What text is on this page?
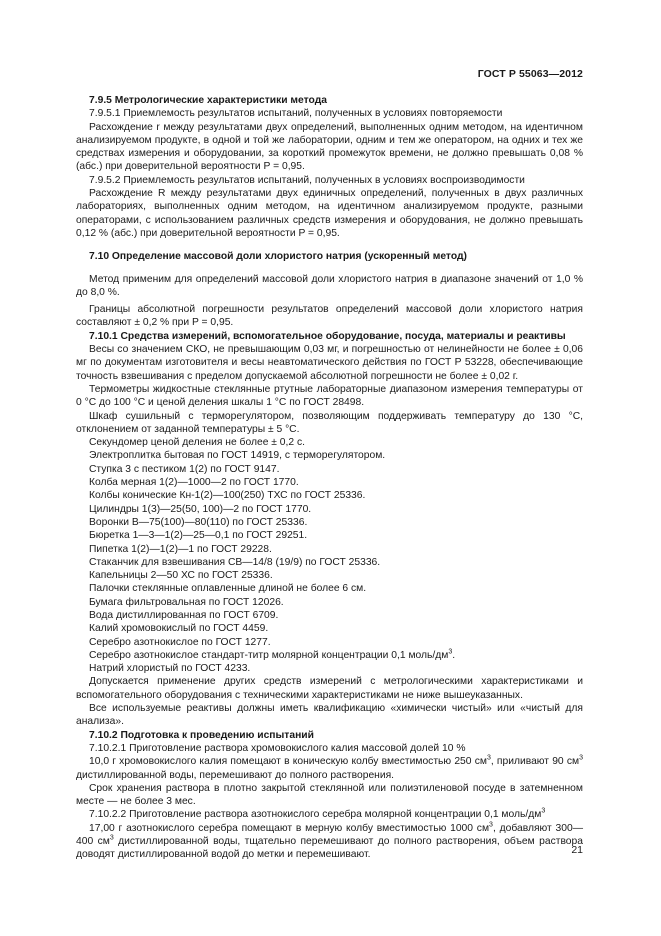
ГОСТ Р 55063—2012

7.9.5 Метрологические характеристики метода

7.9.5.1 Приемлемость результатов испытаний, полученных в условиях повторяемости

Расхождение r между результатами двух определений, выполненных одним методом, на идентичном анализируемом продукте, в одной и той же лаборатории, одним и тем же оператором, на одних и тех же средствах измерения и оборудовании, за короткий промежуток времени, не должно превышать 0,08 % (абс.) при доверительной вероятности P = 0,95.

7.9.5.2 Приемлемость результатов испытаний, полученных в условиях воспроизводимости

Расхождение R между результатами двух единичных определений, полученных в двух различных лабораториях, выполненных одним методом, на идентичном анализируемом продукте, разными операторами, с использованием различных средств измерения и оборудования, не должно превышать 0,12 % (абс.) при доверительной вероятности P = 0,95.

7.10 Определение массовой доли хлористого натрия (ускоренный метод)

Метод применим для определений массовой доли хлористого натрия в диапазоне значений от 1,0 % до 8,0 %.

Границы абсолютной погрешности результатов определений массовой доли хлористого натрия составляют ± 0,2 % при P = 0,95.

7.10.1 Средства измерений, вспомогательное оборудование, посуда, материалы и реактивы

Весы со значением СКО, не превышающим 0,03 мг, и погрешностью от нелинейности не более ± 0,06 мг по документам изготовителя и весы неавтоматического действия по ГОСТ Р 53228, обеспечивающие точность взвешивания с пределом допускаемой абсолютной погрешности не более ± 0,02 г.

Термометры жидкостные стеклянные ртутные лабораторные диапазоном измерения температуры от 0 °С до 100 °С и ценой деления шкалы 1 °С по ГОСТ 28498.

Шкаф сушильный с терморегулятором, позволяющим поддерживать температуру до 130 °С, отклонением от заданной температуры ± 5 °С.

Секундомер ценой деления не более ± 0,2 с.

Электроплитка бытовая по ГОСТ 14919, с терморегулятором.

Ступка 3 с пестиком 1(2) по ГОСТ 9147.

Колба мерная 1(2)—1000—2 по ГОСТ 1770.

Колбы конические Кн-1(2)—100(250) ТХС по ГОСТ 25336.

Цилиндры 1(3)—25(50, 100)—2 по ГОСТ 1770.

Воронки В—75(100)—80(110) по ГОСТ 25336.

Бюретка 1—3—1(2)—25—0,1 по ГОСТ 29251.

Пипетка 1(2)—1(2)—1 по ГОСТ 29228.

Стаканчик для взвешивания СВ—14/8 (19/9) по ГОСТ 25336.

Капельницы 2—50 ХС по ГОСТ 25336.

Палочки стеклянные оплавленные длиной не более 6 см.

Бумага фильтровальная по ГОСТ 12026.

Вода дистиллированная по ГОСТ 6709.

Калий хромовокислый по ГОСТ 4459.

Серебро азотнокислое по ГОСТ 1277.

Серебро азотнокислое стандарт-титр молярной концентрации 0,1 моль/$дм^3$.

Натрий хлористый по ГОСТ 4233.

Допускается применение других средств измерений с метрологическими характеристиками и вспомогательного оборудования с техническими характеристиками не ниже вышеуказанных.

Все используемые реактивы должны иметь квалификацию «химически чистый» или «чистый для анализа».

7.10.2 Подготовка к проведению испытаний

7.10.2.1 Приготовление раствора хромовокислого калия массовой долей 10 %

10,0 г хромовокислого калия помещают в коническую колбу вместимостью 250 $см^3$, приливают 90 $см^3$ дистиллированной воды, перемешивают до полного растворения.

Срок хранения раствора в плотно закрытой стеклянной или полиэтиленовой посуде в затемненном месте — не более 3 мес.

7.10.2.2 Приготовление раствора азотнокислого серебра молярной концентрации 0,1 моль/$дм^3$

17,00 г азотнокислого серебра помещают в мерную колбу вместимостью 1000 $см^3$, добавляют 300—400 $см^3$ дистиллированной воды, тщательно перемешивают до полного растворения, объем раствора доводят дистиллированной водой до метки и перемешивают.	21
